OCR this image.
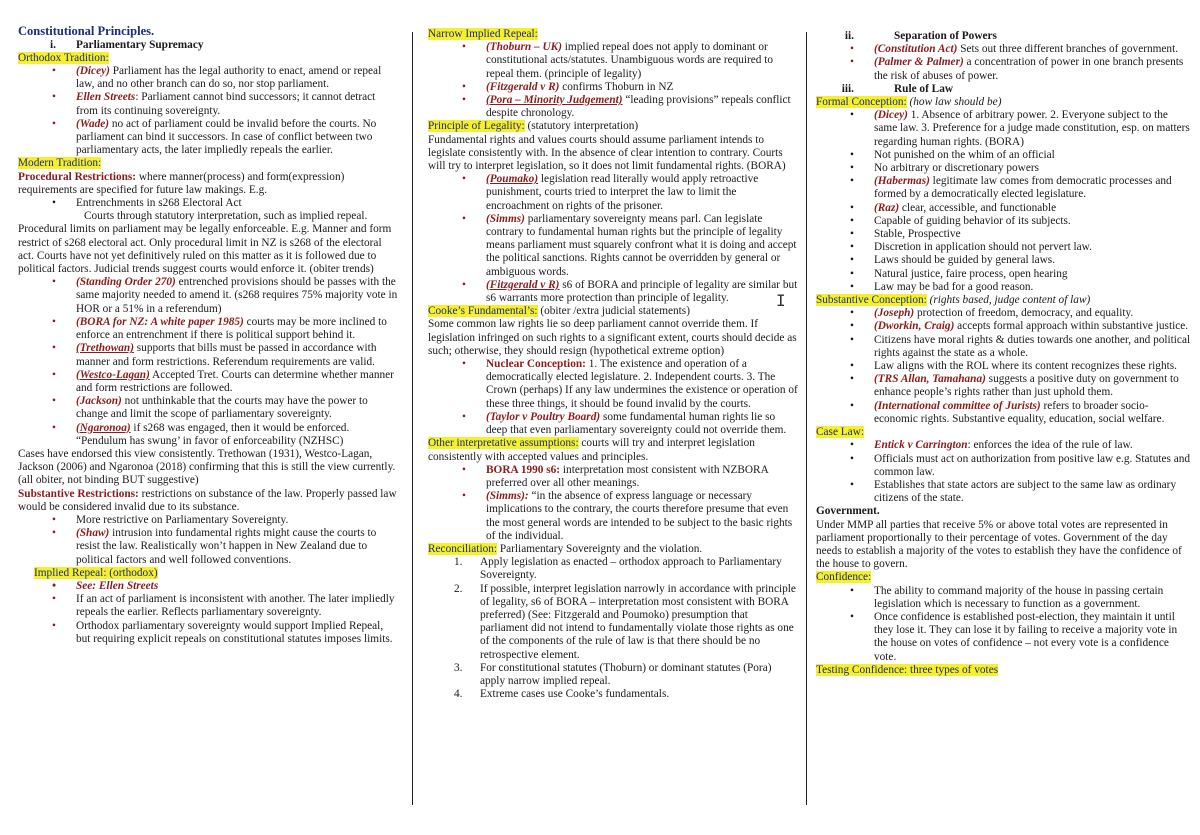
I

Constitutional Principles.

i.	Parliamentary Supremacy

Orthodox Tradition:

• (Dicey) Parliament has the legal authority to enact, amend or repeal law, and no other branch can do so, nor stop parliament.
• Ellen Streets: Parliament cannot bind successors; it cannot detract from its continuing sovereignty.
• (Wade) no act of parliament could be invalid before the courts. No parliament can bind it successors. In case of conflict between two parliamentary acts, the later impliedly repeals the earlier.

Modern Tradition:

Procedural Restrictions: where manner(process) and form(expression) requirements are specified for future law makings. E.g.

• Entrenchments in s268 Electoral Act

Courts through statutory interpretation, such as implied repeal. Procedural limits on parliament may be legally enforceable. E.g. Manner and form restrict of s268 electoral act. Only procedural limit in NZ is s268 of the electoral act. Courts have not yet definitively ruled on this matter as it is followed due to political factors. Judicial trends suggest courts would enforce it. (obiter trends)

• (Standing Order 270) entrenched provisions should be passes with the same majority needed to amend it. (s268 requires 75% majority vote in HOR or a 51% in a referendum)
• (BORA for NZ: A white paper 1985) courts may be more inclined to enforce an entrenchment if there is political support behind it.
• (Trethowan) supports that bills must be passed in accordance with manner and form restrictions. Referendum requirements are valid.
• (Westco-Lagan) Accepted Tret. Courts can determine whether manner and form restrictions are followed.
• (Jackson) not unthinkable that the courts may have the power to change and limit the scope of parliamentary sovereignty.
• (Ngaronoa) if s268 was engaged, then it would be enforced. “Pendulum has swung’ in favor of enforceability (NZHSC)

Cases have endorsed this view consistently. Trethowan (1931), Westco-Lagan, Jackson (2006) and Ngaronoa (2018) confirming that this is still the view currently. (all obiter, not binding BUT suggestive)

Substantive Restrictions: restrictions on substance of the law. Properly passed law would be considered invalid due to its substance.

• More restrictive on Parliamentary Sovereignty.
• (Shaw) intrusion into fundamental rights might cause the courts to resist the law. Realistically won’t happen in New Zealand due to political factors and well followed conventions.

Implied Repeal: (orthodox)

• See: Ellen Streets
• If an act of parliament is inconsistent with another. The later impliedly repeals the earlier. Reflects parliamentary sovereignty.
• Orthodox parliamentary sovereignty would support Implied Repeal, but requiring explicit repeals on constitutional statutes imposes limits.

Narrow Implied Repeal:

• (Thoburn – UK) implied repeal does not apply to dominant or constitutional acts/statutes. Unambiguous words are required to repeal them. (principle of legality)
• (Fitzgerald v R) confirms Thoburn in NZ
• (Pora – Minority Judgement) “leading provisions” repeals conflict despite chronology.

Principle of Legality: (statutory interpretation)

Fundamental rights and values courts should assume parliament intends to legislate consistently with. In the absence of clear intention to contrary. Courts will try to interpret legislation, so it does not limit fundamental rights. (BORA)

• (Poumako) legislation read literally would apply retroactive punishment, courts tried to interpret the law to limit the encroachment on rights of the prisoner.
• (Simms) parliamentary sovereignty means parl. Can legislate contrary to fundamental human rights but the principle of legality means parliament must squarely confront what it is doing and accept the political sanctions. Rights cannot be overridden by general or ambiguous words.
• (Fitzgerald v R) s6 of BORA and principle of legality are similar but s6 warrants more protection than principle of legality.

Cooke’s Fundamental’s: (obiter /extra judicial statements)

Some common law rights lie so deep parliament cannot override them. If legislation infringed on such rights to a significant extent, courts should decide as such; otherwise, they should resign (hypothetical extreme option)

• Nuclear Conception: 1. The existence and operation of a democratically elected legislature. 2. Independent courts. 3. The Crown (perhaps) If any law undermines the existence or operation of these three things, it should be found invalid by the courts.
• (Taylor v Poultry Board) some fundamental human rights lie so deep that even parliamentary sovereignty could not override them.

Other interpretative assumptions: courts will try and interpret legislation consistently with accepted values and principles.

• BORA 1990 s6: interpretation most consistent with NZBORA preferred over all other meanings.
• (Simms): “in the absence of express language or necessary implications to the contrary, the courts therefore presume that even the most general words are intended to be subject to the basic rights of the individual.

Reconciliation: Parliamentary Sovereignty and the violation.

1. Apply legislation as enacted – orthodox approach to Parliamentary Sovereignty.
2. If possible, interpret legislation narrowly in accordance with principle of legality, s6 of BORA – interpretation most consistent with BORA preferred) (See: Fitzgerald and Poumoko) presumption that parliament did not intend to fundamentally violate those rights as one of the components of the rule of law is that there should be no retrospective element.
3. For constitutional statutes (Thoburn) or dominant statutes (Pora) apply narrow implied repeal.
4. Extreme cases use Cooke’s fundamentals.
ii.	Separation of Powers
• (Constitution Act) Sets out three different branches of government.
• (Palmer & Palmer) a concentration of power in one branch presents the risk of abuses of power.
iii.	Rule of Law

Formal Conception: (how law should be)

• (Dicey) 1. Absence of arbitrary power. 2. Everyone subject to the same law. 3. Preference for a judge made constitution, esp. on matters regarding human rights. (BORA)
• Not punished on the whim of an official
• No arbitrary or discretionary powers
• (Habermas) legitimate law comes from democratic processes and formed by a democratically elected legislature.
• (Raz) clear, accessible, and functionable
• Capable of guiding behavior of its subjects.
• Stable, Prospective
• Discretion in application should not pervert law.
• Laws should be guided by general laws.
• Natural justice, faire process, open hearing
• Law may be bad for a good reason.

Substantive Conception: (rights based, judge content of law)

• (Joseph) protection of freedom, democracy, and equality.
• (Dworkin, Craig) accepts formal approach within substantive justice.
• Citizens have moral rights & duties towards one another, and political rights against the state as a whole.
• Law aligns with the ROL where its content recognizes these rights.
• (TRS Allan, Tamahana) suggests a positive duty on government to enhance people’s rights rather than just uphold them.
• (International committee of Jurists) refers to broader socio-economic rights. Substantive equality, education, social welfare.

Case Law:

• Entick v Carrington: enforces the idea of the rule of law.
• Officials must act on authorization from positive law e.g. Statutes and common law.
• Establishes that state actors are subject to the same law as ordinary citizens of the state.

Government.

Under MMP all parties that receive 5% or above total votes are represented in parliament proportionally to their percentage of votes. Government of the day needs to establish a majority of the votes to establish they have the confidence of the house to govern.

Confidence:

• The ability to command majority of the house in passing certain legislation which is necessary to function as a government.
• Once confidence is established post-election, they maintain it until they lose it. They can lose it by failing to receive a majority vote in the house on votes of confidence – not every vote is a confidence vote.

Testing Confidence: three types of votes
